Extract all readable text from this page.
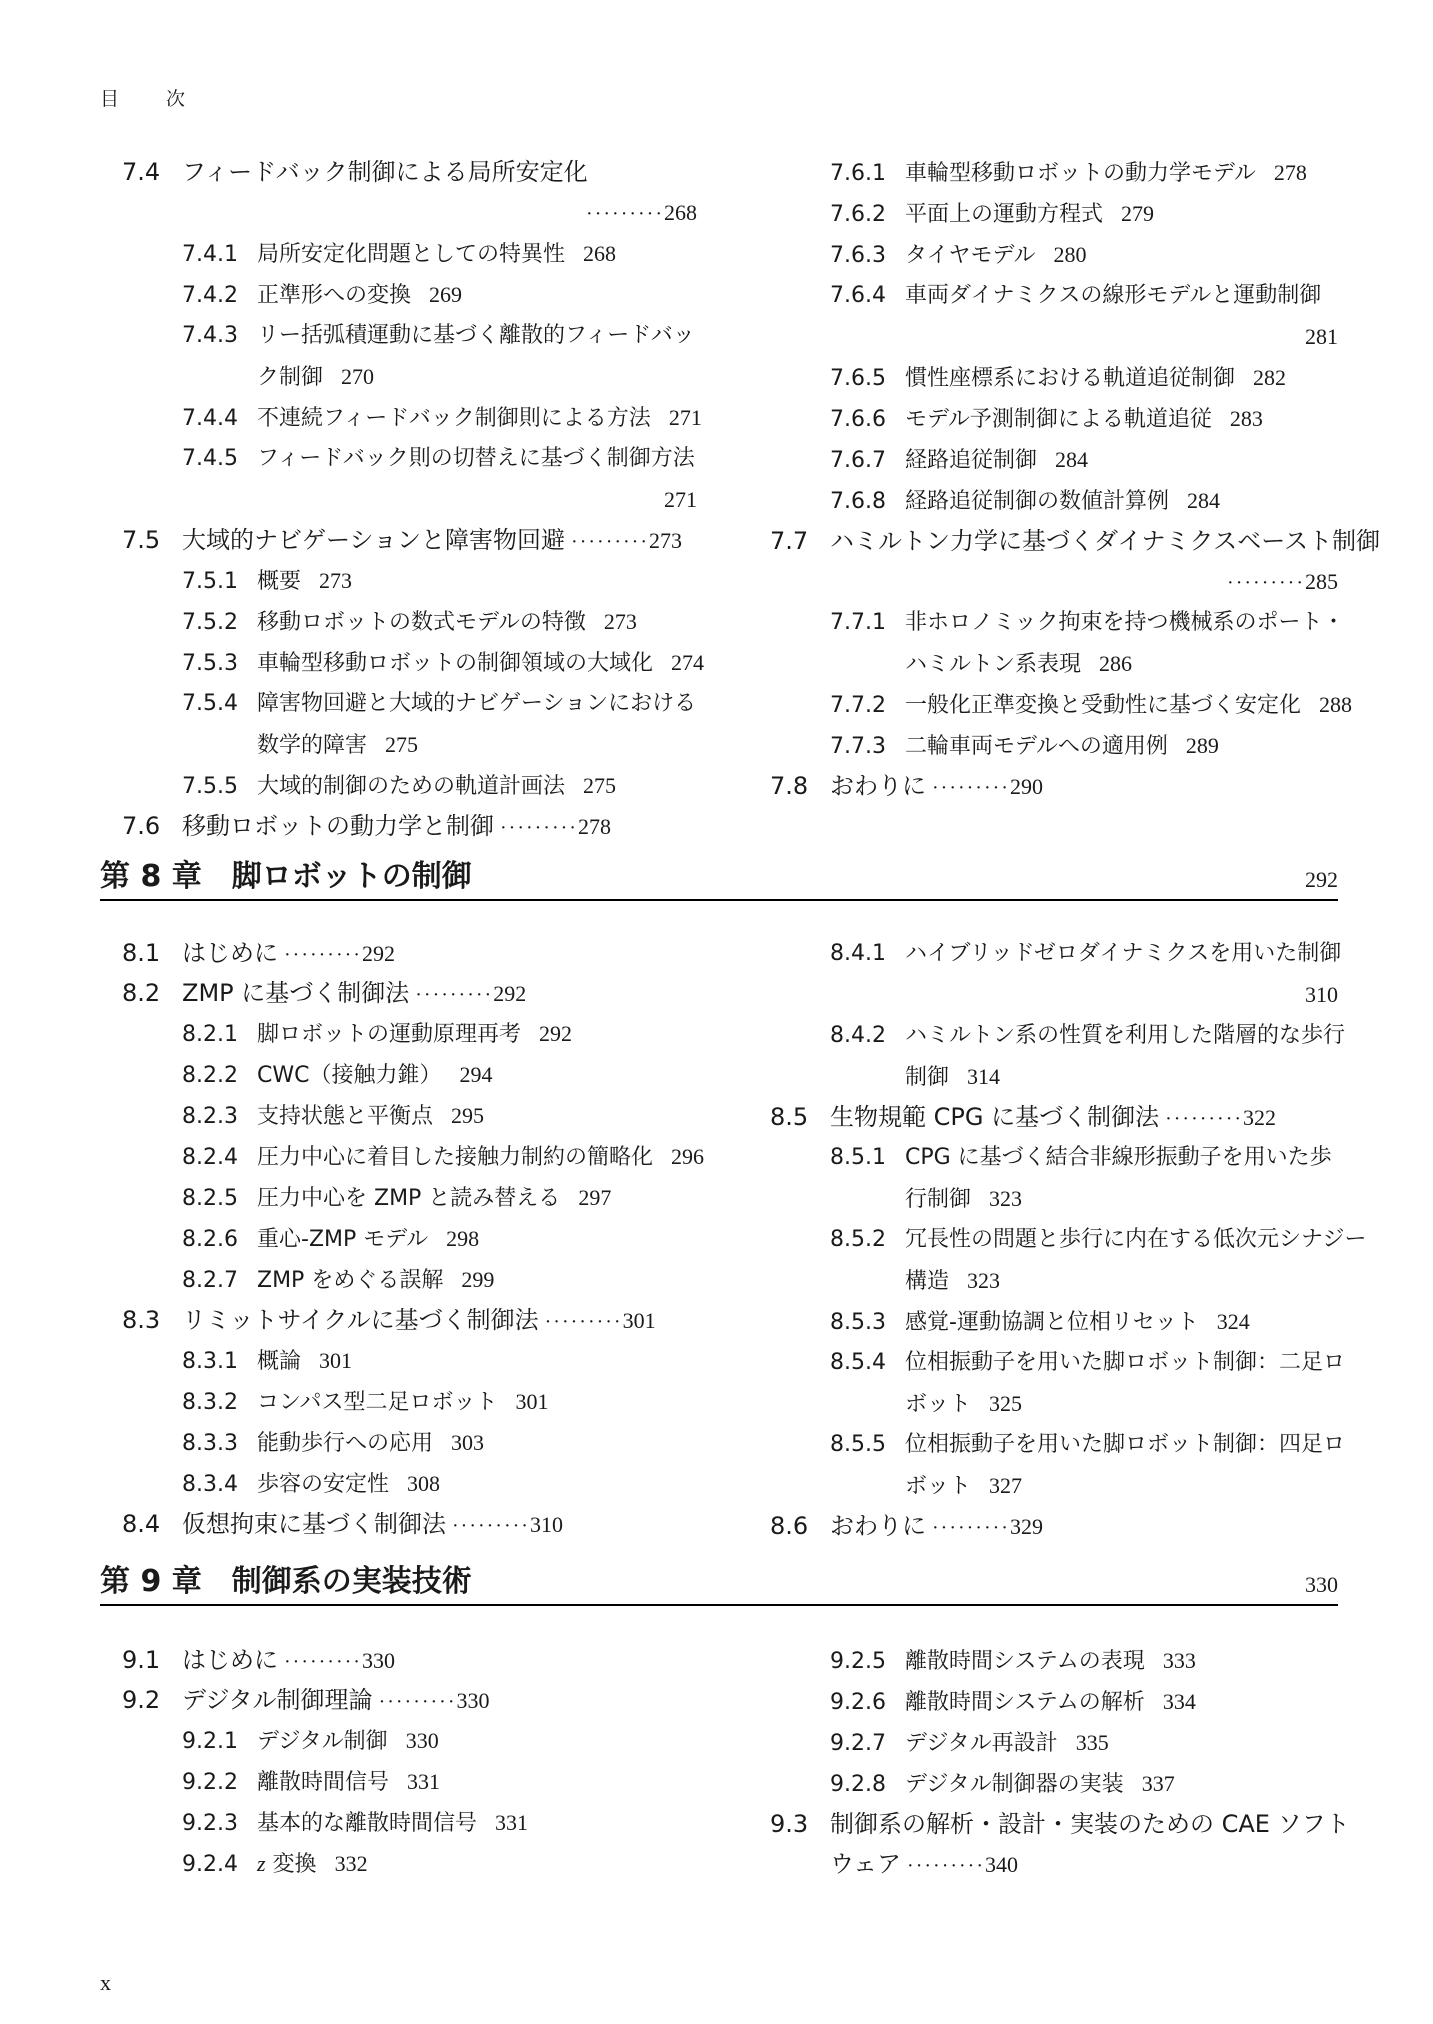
目　次
7.4 フィードバック制御による局所安定化
·········268
7.4.1 局所安定化問題としての特異性 268
7.4.2 正準形への変換 269
7.4.3 リー括弧積運動に基づく離散的フィードバッ
ク制御 270
7.4.4 不連続フィードバック制御則による方法 271
7.4.5 フィードバック則の切替えに基づく制御方法
271
7.5 大域的ナビゲーションと障害物回避 ·········273
7.5.1 概要 273
7.5.2 移動ロボットの数式モデルの特徴 273
7.5.3 車輪型移動ロボットの制御領域の大域化 274
7.5.4 障害物回避と大域的ナビゲーションにおける
数学的障害 275
7.5.5 大域的制御のための軌道計画法 275
7.6 移動ロボットの動力学と制御 ·········278
7.6.1 車輪型移動ロボットの動力学モデル 278
7.6.2 平面上の運動方程式 279
7.6.3 タイヤモデル 280
7.6.4 車両ダイナミクスの線形モデルと運動制御
281
7.6.5 慣性座標系における軌道追従制御 282
7.6.6 モデル予測制御による軌道追従 283
7.6.7 経路追従制御 284
7.6.8 経路追従制御の数値計算例 284
7.7 ハミルトン力学に基づくダイナミクスベースト制御
·········285
7.7.1 非ホロノミック拘束を持つ機械系のポート・
ハミルトン系表現 286
7.7.2 一般化正準変換と受動性に基づく安定化 288
7.7.3 二輪車両モデルへの適用例 289
7.8 おわりに ·········290
第 8 章　脚ロボットの制御	292
8.1 はじめに ·········292
8.2 ZMP に基づく制御法 ·········292
8.2.1 脚ロボットの運動原理再考 292
8.2.2 CWC（接触力錐） 294
8.2.3 支持状態と平衡点 295
8.2.4 圧力中心に着目した接触力制約の簡略化 296
8.2.5 圧力中心を ZMP と読み替える 297
8.2.6 重心-ZMP モデル 298
8.2.7 ZMP をめぐる誤解 299
8.3 リミットサイクルに基づく制御法 ·········301
8.3.1 概論 301
8.3.2 コンパス型二足ロボット 301
8.3.3 能動歩行への応用 303
8.3.4 歩容の安定性 308
8.4 仮想拘束に基づく制御法 ·········310
8.4.1 ハイブリッドゼロダイナミクスを用いた制御
310
8.4.2 ハミルトン系の性質を利用した階層的な歩行
制御 314
8.5 生物規範 CPG に基づく制御法 ·········322
8.5.1 CPG に基づく結合非線形振動子を用いた歩
行制御 323
8.5.2 冗長性の問題と歩行に内在する低次元シナジー
構造 323
8.5.3 感覚-運動協調と位相リセット 324
8.5.4 位相振動子を用いた脚ロボット制御：二足ロ
ボット 325
8.5.5 位相振動子を用いた脚ロボット制御：四足ロ
ボット 327
8.6 おわりに ·········329
第 9 章　制御系の実装技術	330
9.1 はじめに ·········330
9.2 デジタル制御理論 ·········330
9.2.1 デジタル制御 330
9.2.2 離散時間信号 331
9.2.3 基本的な離散時間信号 331
9.2.4 z 変換 332
9.2.5 離散時間システムの表現 333
9.2.6 離散時間システムの解析 334
9.2.7 デジタル再設計 335
9.2.8 デジタル制御器の実装 337
9.3 制御系の解析・設計・実装のための CAE ソフト
ウェア ·········340
x
